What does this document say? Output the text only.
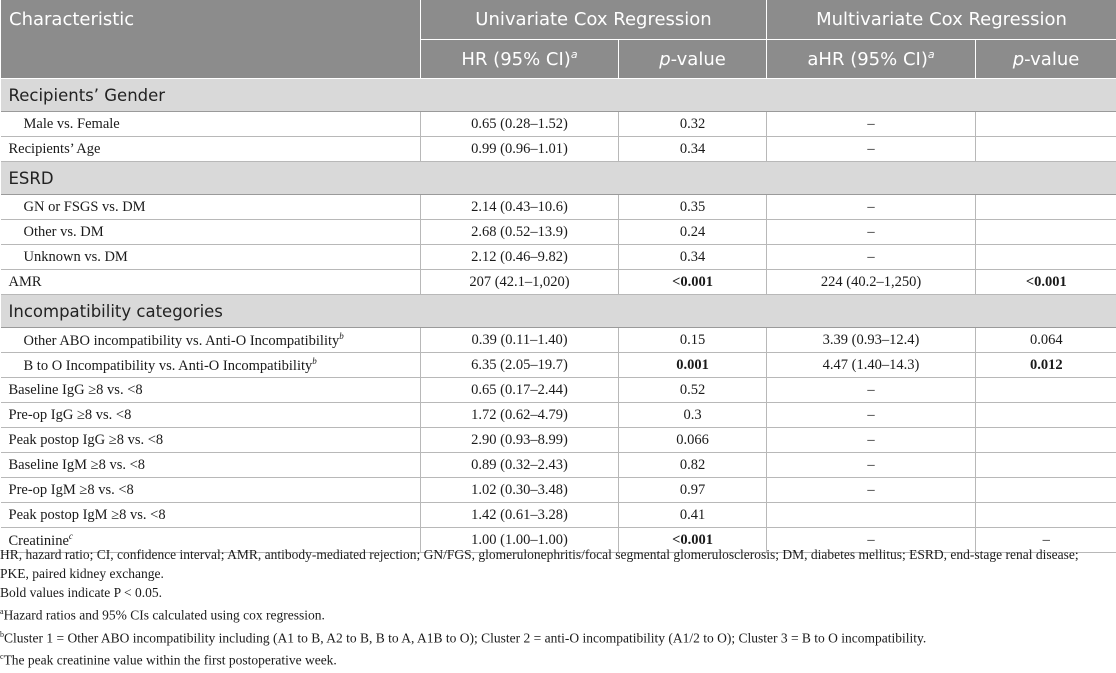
Characteristic	Univariate Cox Regression		Multivariate Cox Regression	
	HR (95% CI)$^a$	p-value	aHR (95% CI)$^a$	p-value
Recipients’ Gender				
Male vs. Female	0.65 (0.28–1.52)	0.32	–	
Recipients’ Age	0.99 (0.96–1.01)	0.34	–	
ESRD				
GN or FSGS vs. DM	2.14 (0.43–10.6)	0.35	–	
Other vs. DM	2.68 (0.52–13.9)	0.24	–	
Unknown vs. DM	2.12 (0.46–9.82)	0.34	–	
AMR	207 (42.1–1,020)	<0.001	224 (40.2–1,250)	<0.001
Incompatibility categories				
Other ABO incompatibility vs. Anti-O Incompatibility$^b$	0.39 (0.11–1.40)	0.15	3.39 (0.93–12.4)	0.064
B to O Incompatibility vs. Anti-O Incompatibility$^b$	6.35 (2.05–19.7)	0.001	4.47 (1.40–14.3)	0.012
Baseline IgG ≥8 vs. <8	0.65 (0.17–2.44)	0.52	–	
Pre-op IgG ≥8 vs. <8	1.72 (0.62–4.79)	0.3	–	
Peak postop IgG ≥8 vs. <8	2.90 (0.93–8.99)	0.066	–	
Baseline IgM ≥8 vs. <8	0.89 (0.32–2.43)	0.82	–	
Pre-op IgM ≥8 vs. <8	1.02 (0.30–3.48)	0.97	–	
Peak postop IgM ≥8 vs. <8	1.42 (0.61–3.28)	0.41		
Creatinine$^c$	1.00 (1.00–1.00)	<0.001	–	–

HR, hazard ratio; CI, confidence interval; AMR, antibody-mediated rejection; GN/FGS, glomerulonephritis/focal segmental glomerulosclerosis; DM, diabetes mellitus; ESRD, end-stage renal disease; PKE, paired kidney exchange.

Bold values indicate P < 0.05.

$^a$Hazard ratios and 95% CIs calculated using cox regression.

$^b$Cluster 1 = Other ABO incompatibility including (A1 to B, A2 to B, B to A, A1B to O); Cluster 2 = anti-O incompatibility (A1/2 to O); Cluster 3 = B to O incompatibility.

$^c$The peak creatinine value within the first postoperative week.
